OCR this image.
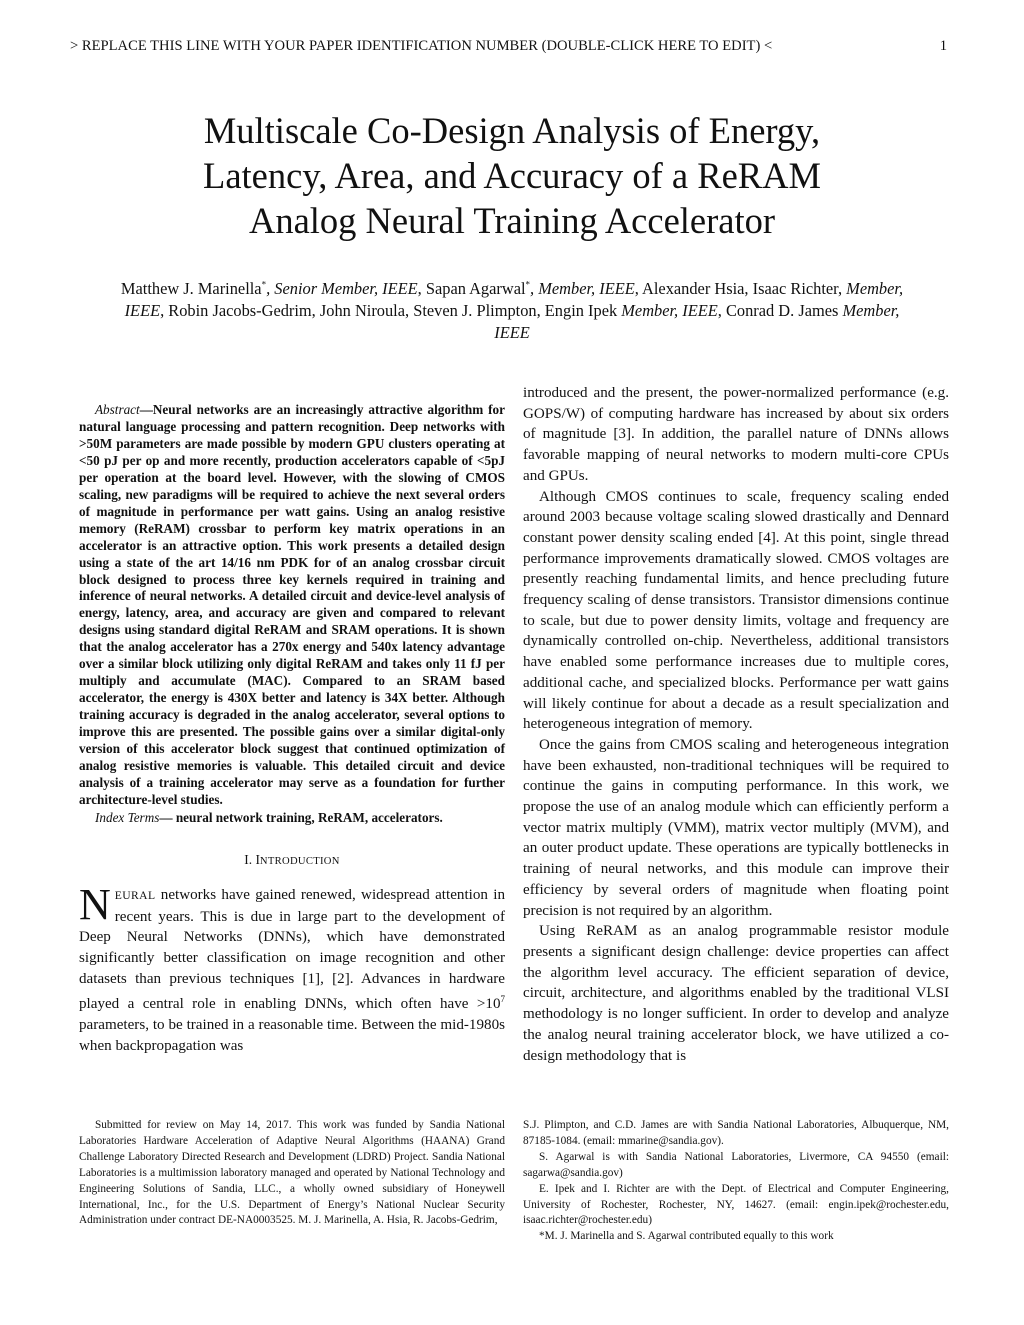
> REPLACE THIS LINE WITH YOUR PAPER IDENTIFICATION NUMBER (DOUBLE-CLICK HERE TO EDIT) <	1
Multiscale Co-Design Analysis of Energy,
Latency, Area, and Accuracy of a ReRAM
Analog Neural Training Accelerator
Matthew J. Marinella*, Senior Member, IEEE, Sapan Agarwal*, Member, IEEE, Alexander Hsia, Isaac Richter, Member, IEEE, Robin Jacobs-Gedrim, John Niroula, Steven J. Plimpton, Engin Ipek Member, IEEE, Conrad D. James Member, IEEE

Abstract—Neural networks are an increasingly attractive algorithm for natural language processing and pattern recognition. Deep networks with >50M parameters are made possible by modern GPU clusters operating at <50 pJ per op and more recently, production accelerators capable of <5pJ per operation at the board level. However, with the slowing of CMOS scaling, new paradigms will be required to achieve the next several orders of magnitude in performance per watt gains. Using an analog resistive memory (ReRAM) crossbar to perform key matrix operations in an accelerator is an attractive option. This work presents a detailed design using a state of the art 14/16 nm PDK for of an analog crossbar circuit block designed to process three key kernels required in training and inference of neural networks. A detailed circuit and device-level analysis of energy, latency, area, and accuracy are given and compared to relevant designs using standard digital ReRAM and SRAM operations. It is shown that the analog accelerator has a 270x energy and 540x latency advantage over a similar block utilizing only digital ReRAM and takes only 11 fJ per multiply and accumulate (MAC). Compared to an SRAM based accelerator, the energy is 430X better and latency is 34X better. Although training accuracy is degraded in the analog accelerator, several options to improve this are presented. The possible gains over a similar digital-only version of this accelerator block suggest that continued optimization of analog resistive memories is valuable. This detailed circuit and device analysis of a training accelerator may serve as a foundation for further architecture-level studies.

Index Terms— neural network training, ReRAM, accelerators.

I. INTRODUCTION

NEURAL networks have gained renewed, widespread attention in recent years. This is due in large part to the development of Deep Neural Networks (DNNs), which have demonstrated significantly better classification on image recognition and other datasets than previous techniques [1], [2]. Advances in hardware played a central role in enabling DNNs, which often have $>10^7$ parameters, to be trained in a reasonable time. Between the mid-1980s when backpropagation was

introduced and the present, the power-normalized performance (e.g. GOPS/W) of computing hardware has increased by about six orders of magnitude [3]. In addition, the parallel nature of DNNs allows favorable mapping of neural networks to modern multi-core CPUs and GPUs.

Although CMOS continues to scale, frequency scaling ended around 2003 because voltage scaling slowed drastically and Dennard constant power density scaling ended [4]. At this point, single thread performance improvements dramatically slowed. CMOS voltages are presently reaching fundamental limits, and hence precluding future frequency scaling of dense transistors. Transistor dimensions continue to scale, but due to power density limits, voltage and frequency are dynamically controlled on-chip. Nevertheless, additional transistors have enabled some performance increases due to multiple cores, additional cache, and specialized blocks. Performance per watt gains will likely continue for about a decade as a result specialization and heterogeneous integration of memory.

Once the gains from CMOS scaling and heterogeneous integration have been exhausted, non-traditional techniques will be required to continue the gains in computing performance. In this work, we propose the use of an analog module which can efficiently perform a vector matrix multiply (VMM), matrix vector multiply (MVM), and an outer product update. These operations are typically bottlenecks in training of neural networks, and this module can improve their efficiency by several orders of magnitude when floating point precision is not required by an algorithm.

Using ReRAM as an analog programmable resistor module presents a significant design challenge: device properties can affect the algorithm level accuracy. The efficient separation of device, circuit, architecture, and algorithms enabled by the traditional VLSI methodology is no longer sufficient. In order to develop and analyze the analog neural training accelerator block, we have utilized a co-design methodology that is

Submitted for review on May 14, 2017. This work was funded by Sandia National Laboratories Hardware Acceleration of Adaptive Neural Algorithms (HAANA) Grand Challenge Laboratory Directed Research and Development (LDRD) Project. Sandia National Laboratories is a multimission laboratory managed and operated by National Technology and Engineering Solutions of Sandia, LLC., a wholly owned subsidiary of Honeywell International, Inc., for the U.S. Department of Energy’s National Nuclear Security Administration under contract DE-NA0003525. M. J. Marinella, A. Hsia, R. Jacobs-Gedrim,

S.J. Plimpton, and C.D. James are with Sandia National Laboratories, Albuquerque, NM, 87185-1084. (email: mmarine@sandia.gov).

S. Agarwal is with Sandia National Laboratories, Livermore, CA 94550 (email: sagarwa@sandia.gov)

E. Ipek and I. Richter are with the Dept. of Electrical and Computer Engineering, University of Rochester, Rochester, NY, 14627. (email: engin.ipek@rochester.edu, isaac.richter@rochester.edu)

*M. J. Marinella and S. Agarwal contributed equally to this work
